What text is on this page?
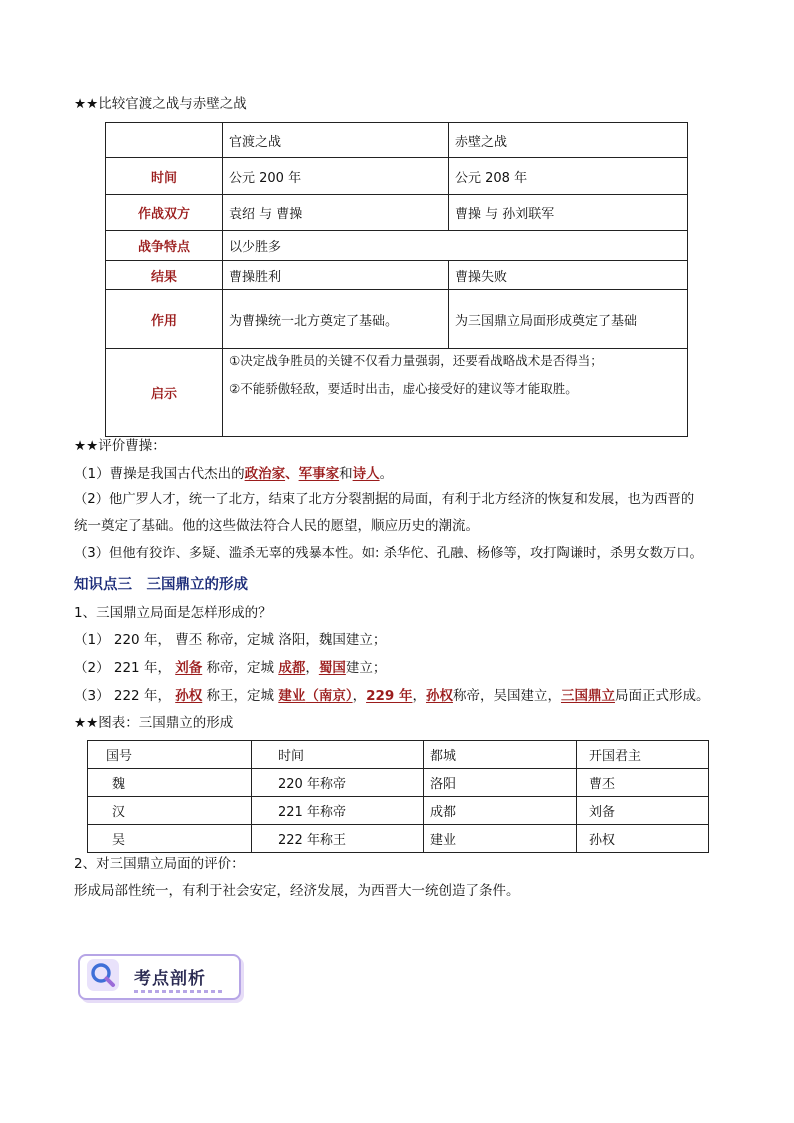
★★比较官渡之战与赤壁之战
	官渡之战	赤壁之战
时间	公元 200 年	公元 208 年
作战双方	袁绍 与 曹操	曹操 与 孙刘联军
战争特点	以少胜多	
结果	曹操胜利	曹操失败
作用	为曹操统一北方奠定了基础。	为三国鼎立局面形成奠定了基础
启示	①决定战争胜员的关键不仅看力量强弱，还要看战略战术是否得当；
②不能骄傲轻敌，要适时出击，虚心接受好的建议等才能取胜。	
★★评价曹操：
（1）曹操是我国古代杰出的政治家、军事家和诗人。
（2）他广罗人才，统一了北方，结束了北方分裂割据的局面，有利于北方经济的恢复和发展，也为西晋的
统一奠定了基础。他的这些做法符合人民的愿望，顺应历史的潮流。
（3）但他有狡诈、多疑、滥杀无辜的残暴本性。如: 杀华佗、孔融、杨修等，攻打陶谦时，杀男女数万口。
知识点三　三国鼎立的形成
1、三国鼎立局面是怎样形成的？
（1） 220 年， 曹丕 称帝，定城 洛阳，魏国建立；
（2） 221 年， 刘备 称帝，定城 成都，蜀国建立；
（3） 222 年， 孙权 称王，定城 建业（南京），229 年，孙权称帝，吴国建立，三国鼎立局面正式形成。
★★图表：三国鼎立的形成
国号	时间	都城	开国君主
魏	220 年称帝	洛阳	曹丕
汉	221 年称帝	成都	刘备
吴	222 年称王	建业	孙权
2、对三国鼎立局面的评价：
形成局部性统一，有利于社会安定，经济发展，为西晋大一统创造了条件。
考点剖析
